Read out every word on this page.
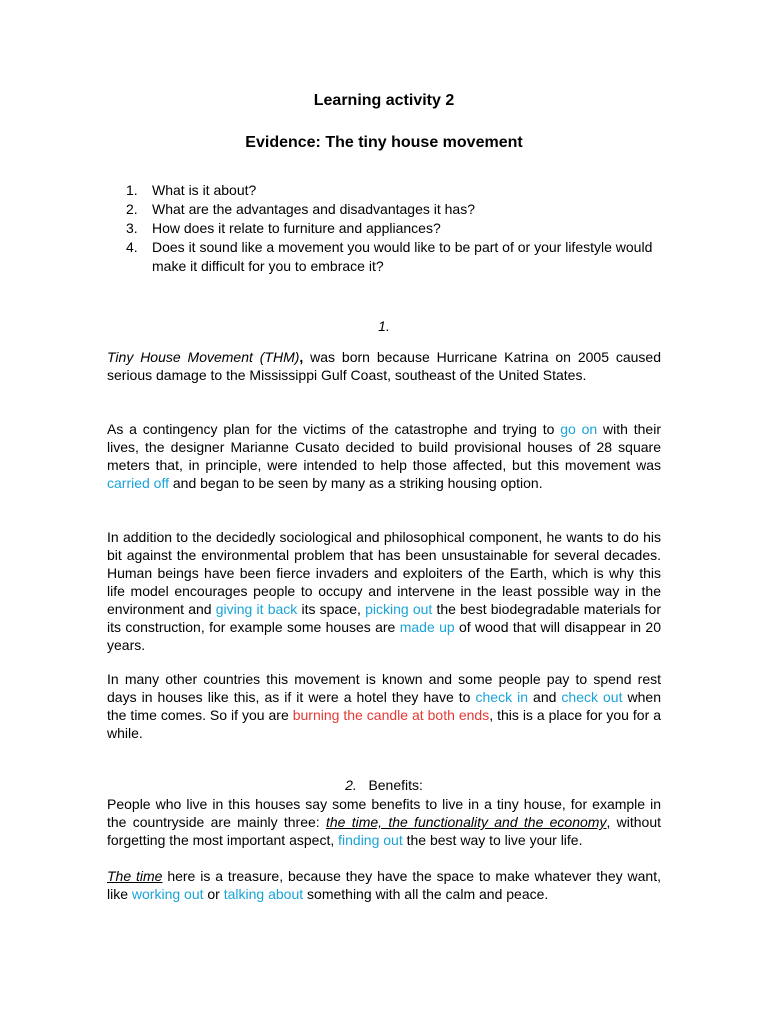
Learning activity 2
Evidence: The tiny house movement
1. What is it about?
2. What are the advantages and disadvantages it has?
3. How does it relate to furniture and appliances?
4. Does it sound like a movement you would like to be part of or your lifestyle would make it difficult for you to embrace it?

1.

Tiny House Movement (THM), was born because Hurricane Katrina on 2005 caused serious damage to the Mississippi Gulf Coast, southeast of the United States.

As a contingency plan for the victims of the catastrophe and trying to go on with their lives, the designer Marianne Cusato decided to build provisional houses of 28 square meters that, in principle, were intended to help those affected, but this movement was carried off and began to be seen by many as a striking housing option.

In addition to the decidedly sociological and philosophical component, he wants to do his bit against the environmental problem that has been unsustainable for several decades. Human beings have been fierce invaders and exploiters of the Earth, which is why this life model encourages people to occupy and intervene in the least possible way in the environment and giving it back its space, picking out the best biodegradable materials for its construction, for example some houses are made up of wood that will disappear in 20 years.

In many other countries this movement is known and some people pay to spend rest days in houses like this, as if it were a hotel they have to check in and check out when the time comes. So if you are burning the candle at both ends, this is a place for you for a while.

2. Benefits:

People who live in this houses say some benefits to live in a tiny house, for example in the countryside are mainly three: the time, the functionality and the economy, without forgetting the most important aspect, finding out the best way to live your life.

The time here is a treasure, because they have the space to make whatever they want, like working out or talking about something with all the calm and peace.
